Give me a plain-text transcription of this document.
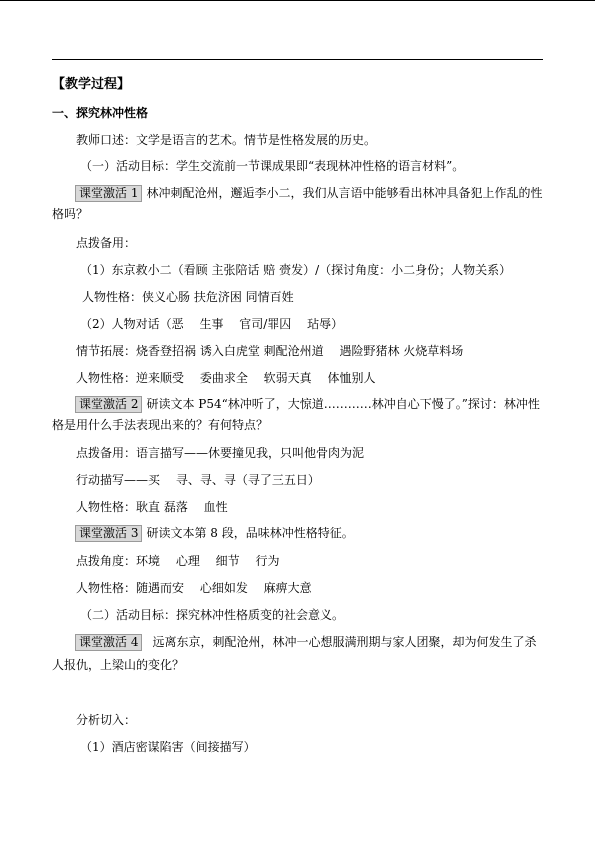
【教学过程】
一、探究林冲性格
教师口述：文学是语言的艺术。情节是性格发展的历史。
（一）活动目标：学生交流前一节课成果即“表现林冲性格的语言材料”。
课堂激活 1 林冲刺配沧州，邂逅李小二，我们从言语中能够看出林冲具备犯上作乱的性
格吗？
点拨备用：
（1）东京救小二（看顾 主张陪话 赔 赍发）/（探讨角度：小二身份；人物关系）
人物性格：侠义心肠 扶危济困 同情百姓
（2）人物对话（恶　 生事　 官司/罪囚　 玷辱）
情节拓展：烧香登招祸 诱入白虎堂 刺配沧州道　 遇险野猪林 火烧草料场
人物性格：逆来顺受　 委曲求全　 软弱天真　 体恤别人
课堂激活 2 研读文本 P54“林冲听了，大惊道…………林冲自心下慢了。”探讨：林冲性
格是用什么手法表现出来的？有何特点？
点拨备用：语言描写——休要撞见我，只叫他骨肉为泥
行动描写——买　 寻、寻、寻（寻了三五日）
人物性格：耿直 磊落　 血性
课堂激活 3 研读文本第 8 段，品味林冲性格特征。
点拨角度：环境　 心理　 细节　 行为
人物性格：随遇而安　 心细如发　 麻痹大意
（二）活动目标：探究林冲性格质变的社会意义。
课堂激活 4 远离东京，刺配沧州，林冲一心想服满刑期与家人团聚，却为何发生了杀
人报仇，上梁山的变化？
分析切入：
（1）酒店密谋陷害（间接描写）
